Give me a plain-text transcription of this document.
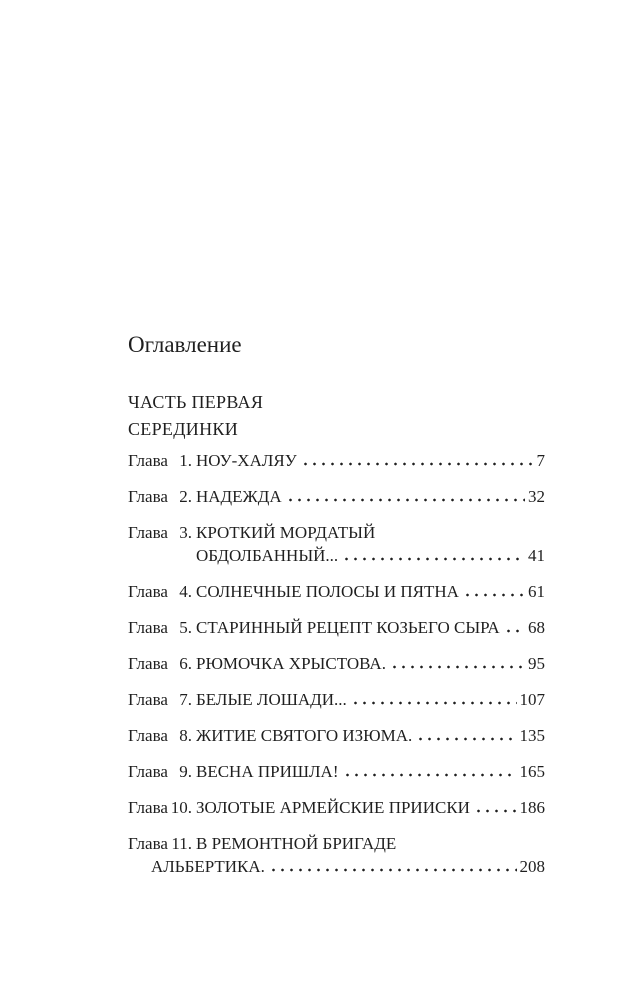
Оглавление
ЧАСТЬ ПЕРВАЯ
СЕРЕДИНКИ
Глава 1. НОУ-ХАЛЯУ	7
Глава 2. НАДЕЖДА	32
Глава 3. КРОТКИЙ МОРДАТЫЙ
ОБДОЛБАННЫЙ...	41
Глава 4. СОЛНЕЧНЫЕ ПОЛОСЫ И ПЯТНА	61
Глава 5. СТАРИННЫЙ РЕЦЕПТ КОЗЬЕГО СЫРА 68
Глава 6. РЮМОЧКА ХРЫСТОВА.	95
Глава 7. БЕЛЫЕ ЛОШАДИ...	107
Глава 8. ЖИТИЕ СВЯТОГО ИЗЮМА.	135
Глава 9. ВЕСНА ПРИШЛА!	165
Глава 10. ЗОЛОТЫЕ АРМЕЙСКИЕ ПРИИСКИ	186
Глава 11. В РЕМОНТНОЙ БРИГАДЕ
АЛЬБЕРТИКА.	208
